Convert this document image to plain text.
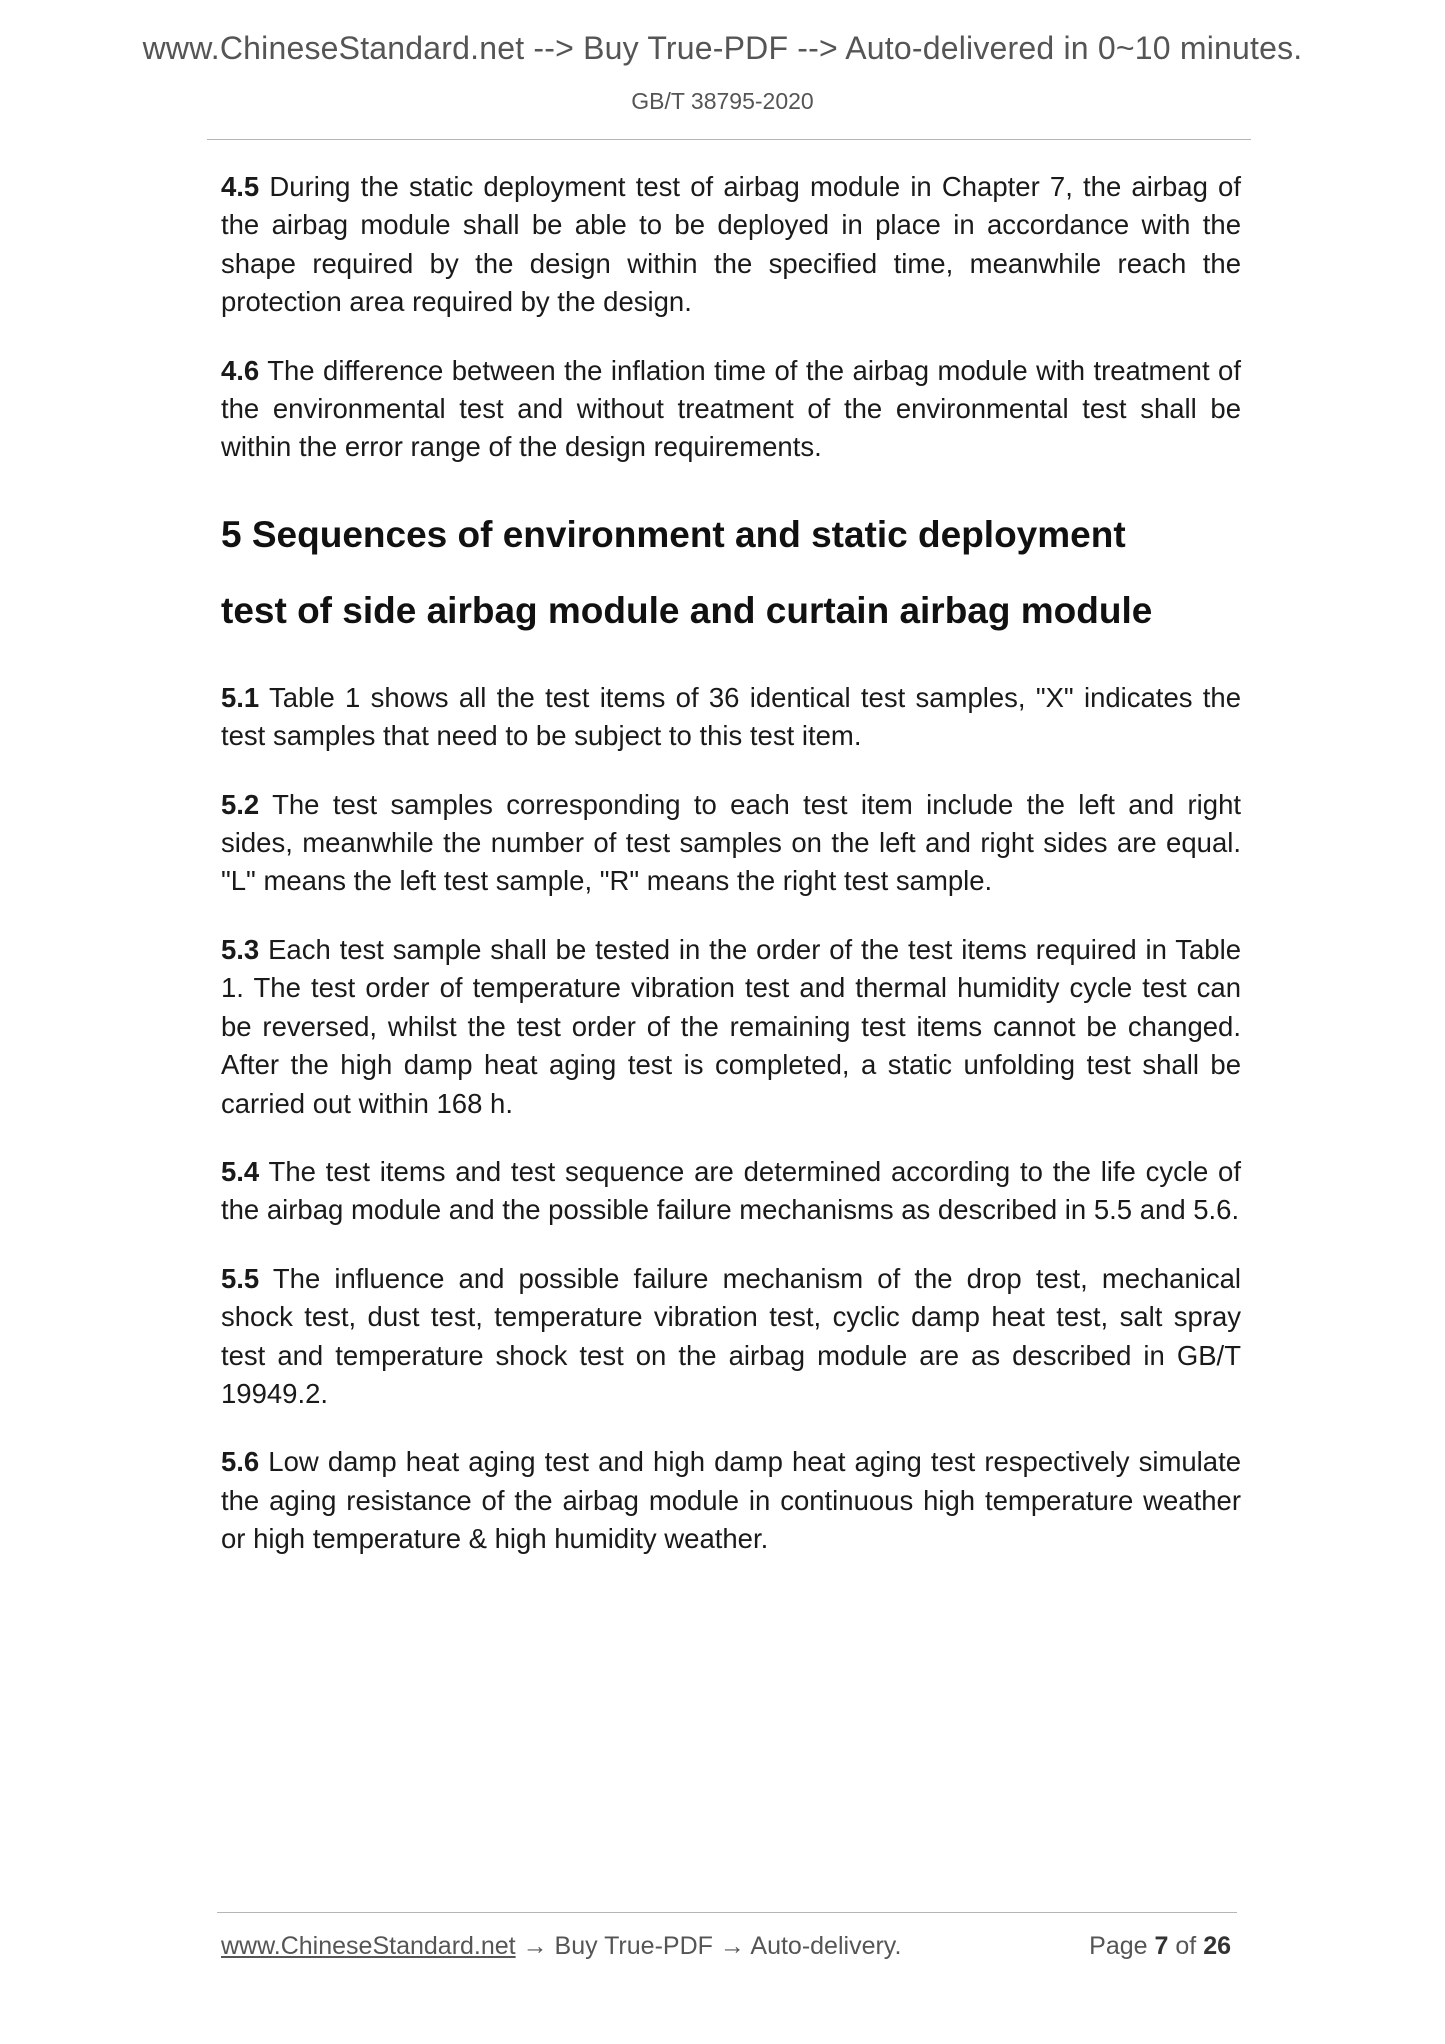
www.ChineseStandard.net --> Buy True-PDF --> Auto-delivered in 0~10 minutes.
GB/T 38795-2020

4.5 During the static deployment test of airbag module in Chapter 7, the airbag of the airbag module shall be able to be deployed in place in accordance with the shape required by the design within the specified time, meanwhile reach the protection area required by the design.

4.6 The difference between the inflation time of the airbag module with treatment of the environmental test and without treatment of the environmental test shall be within the error range of the design requirements.

5 Sequences of environment and static deployment
test of side airbag module and curtain airbag module

5.1 Table 1 shows all the test items of 36 identical test samples, "X" indicates the test samples that need to be subject to this test item.

5.2 The test samples corresponding to each test item include the left and right sides, meanwhile the number of test samples on the left and right sides are equal. "L" means the left test sample, "R" means the right test sample.

5.3 Each test sample shall be tested in the order of the test items required in Table 1. The test order of temperature vibration test and thermal humidity cycle test can be reversed, whilst the test order of the remaining test items cannot be changed. After the high damp heat aging test is completed, a static unfolding test shall be carried out within 168 h.

5.4 The test items and test sequence are determined according to the life cycle of the airbag module and the possible failure mechanisms as described in 5.5 and 5.6.

5.5 The influence and possible failure mechanism of the drop test, mechanical shock test, dust test, temperature vibration test, cyclic damp heat test, salt spray test and temperature shock test on the airbag module are as described in GB/T 19949.2.

5.6 Low damp heat aging test and high damp heat aging test respectively simulate the aging resistance of the airbag module in continuous high temperature weather or high temperature & high humidity weather.

www.ChineseStandard.net → Buy True-PDF → Auto-delivery.	Page 7 of 26
